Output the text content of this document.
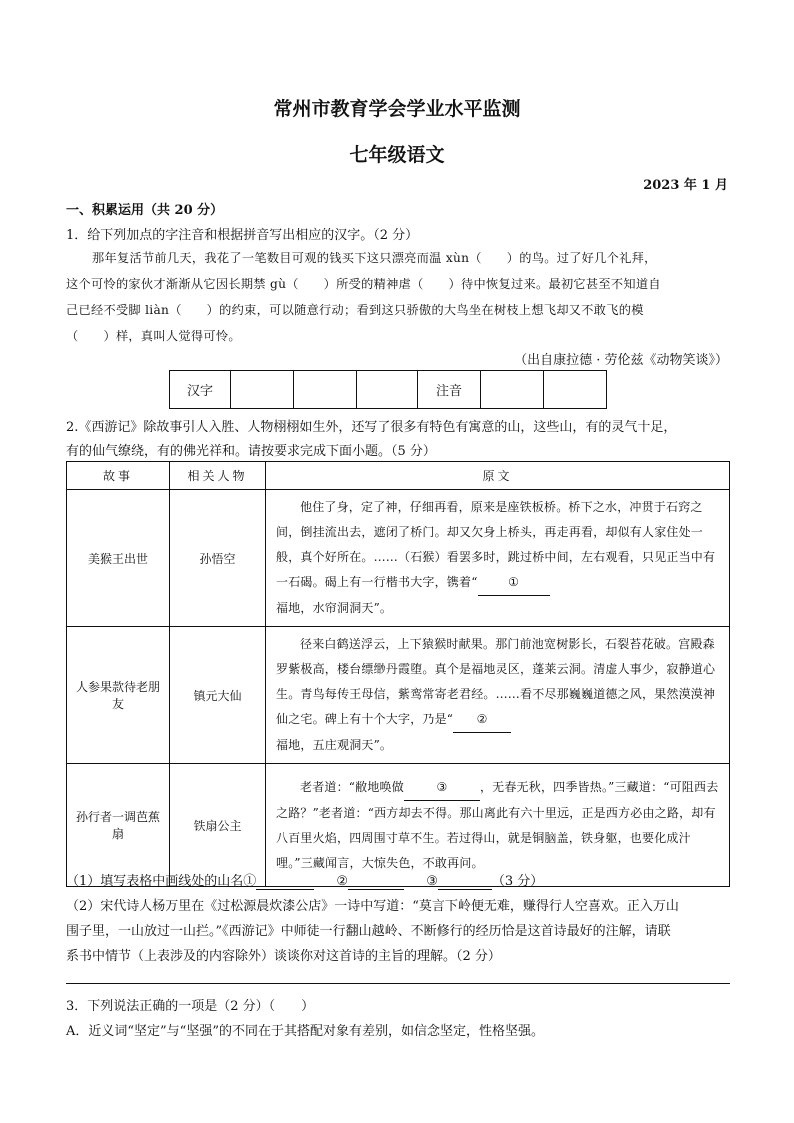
常州市教育学会学业水平监测
七年级语文
2023 年 1 月
一、积累运用（共 20 分）
1．给下列加点的字注音和根据拼音写出相应的汉字。（2 分）
那年复活节前几天，我花了一笔数目可观的钱买下这只漂亮而温 xùn（　　）的鸟。过了好几个礼拜，
这个可怜的家伙才渐渐从它因长期禁 gù（　　）所受的精神虐（　　）待中恢复过来。最初它甚至不知道自
己已经不受脚 liàn（　　）的约束，可以随意行动；看到这只骄傲的大鸟坐在树枝上想飞却又不敢飞的模
（　　）样，真叫人觉得可怜。
（出自康拉德 · 劳伦兹《动物笑谈》）
汉字				注音		
2.《西游记》除故事引人入胜、人物栩栩如生外，还写了很多有特色有寓意的山，这些山，有的灵气十足，
有的仙气缭绕，有的佛光祥和。请按要求完成下面小题。（5 分）
故事	相关人物	原文
美猴王出世	孙悟空	他住了身，定了神，仔细再看，原来是座铁板桥。桥下之水，冲贯于石窍之间，倒挂流出去，遮闭了桥门。却又欠身上桥头，再走再看，却似有人家住处一般，真个好所在。……（石猴）看罢多时，跳过桥中间，左右观看，只见正当中有一石碣。碣上有一行楷书大字，镌着“ ①
福地，水帘洞洞天”。
人参果款待老朋友	镇元大仙	径来白鹤送浮云，上下猿猴时献果。那门前池宽树影长，石裂苔花破。宫殿森罗紫极高，楼台缥缈丹霞堕。真个是福地灵区，蓬莱云洞。清虚人事少，寂静道心生。青鸟每传王母信，紫鸾常寄老君经。……看不尽那巍巍道德之风，果然漠漠神仙之宅。碑上有十个大字，乃是“ ②
福地，五庄观洞天”。
孙行者一调芭蕉扇	铁扇公主	老者道：“敝地唤做 ③ ，无春无秋，四季皆热。”三藏道：“可阻西去之路？”老者道：“西方却去不得。那山离此有六十里远，正是西方必由之路，却有八百里火焰，四周围寸草不生。若过得山，就是铜脑盖，铁身躯，也要化成汁哩。”三藏闻言，大惊失色，不敢再问。
（1）填写表格中画线处的山名①	②	③	（3 分）
（2）宋代诗人杨万里在《过松源晨炊漆公店》一诗中写道：“莫言下岭便无难，赚得行人空喜欢。正入万山
围子里，一山放过一山拦。”《西游记》中师徒一行翻山越岭、不断修行的经历恰是这首诗最好的注解，请联
系书中情节（上表涉及的内容除外）谈谈你对这首诗的主旨的理解。（2 分）
3．下列说法正确的一项是（2 分）（　　）
A．近义词“坚定”与“坚强”的不同在于其搭配对象有差别，如信念坚定，性格坚强。
